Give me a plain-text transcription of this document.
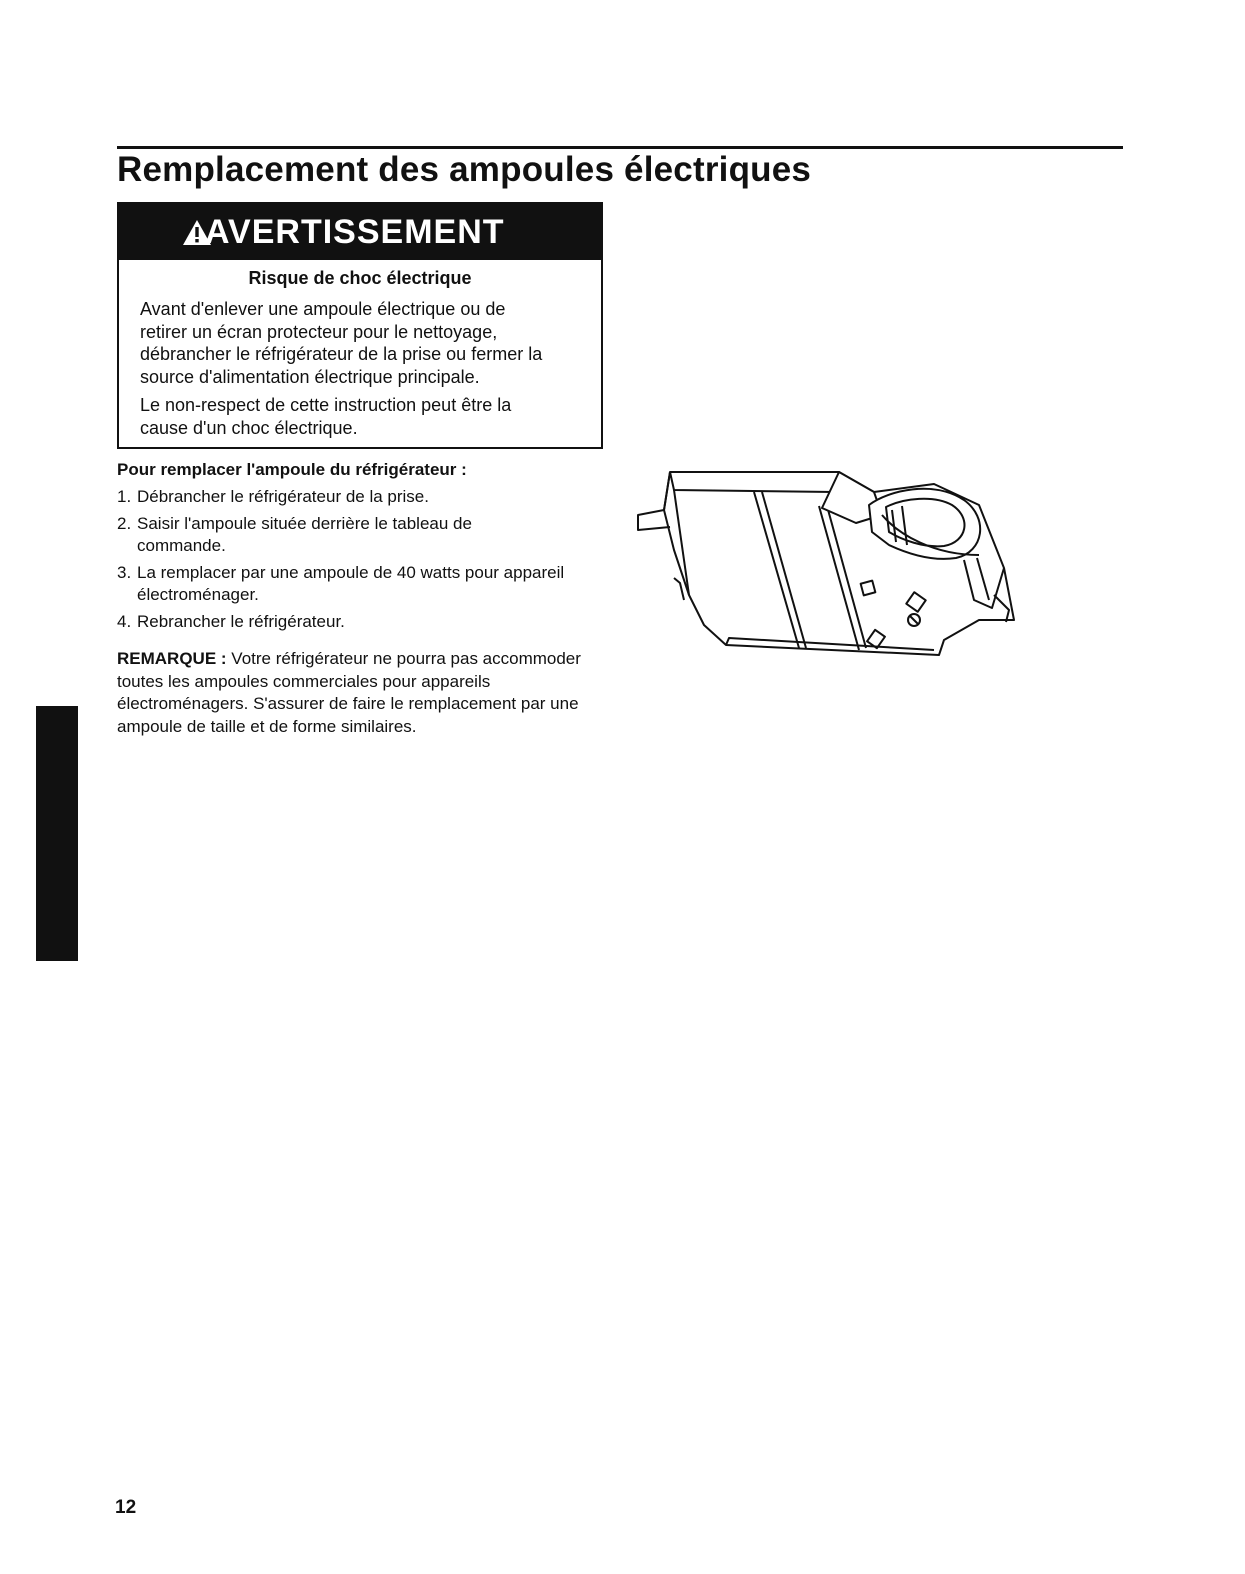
Remplacement des ampoules électriques
AVERTISSEMENT
Risque de choc électrique

Avant d'enlever une ampoule électrique ou de retirer un écran protecteur pour le nettoyage, débrancher le réfrigérateur de la prise ou fermer la source d'alimentation électrique principale.

Le non-respect de cette instruction peut être la cause d'un choc électrique.

Pour remplacer l'ampoule du réfrigérateur :

1. Débrancher le réfrigérateur de la prise.
2. Saisir l'ampoule située derrière le tableau de commande.
3. La remplacer par une ampoule de 40 watts pour appareil électroménager.
4. Rebrancher le réfrigérateur.

REMARQUE : Votre réfrigérateur ne pourra pas accommoder toutes les ampoules commerciales pour appareils électroménagers. S'assurer de faire le remplacement par une ampoule de taille et de forme similaires.

12
